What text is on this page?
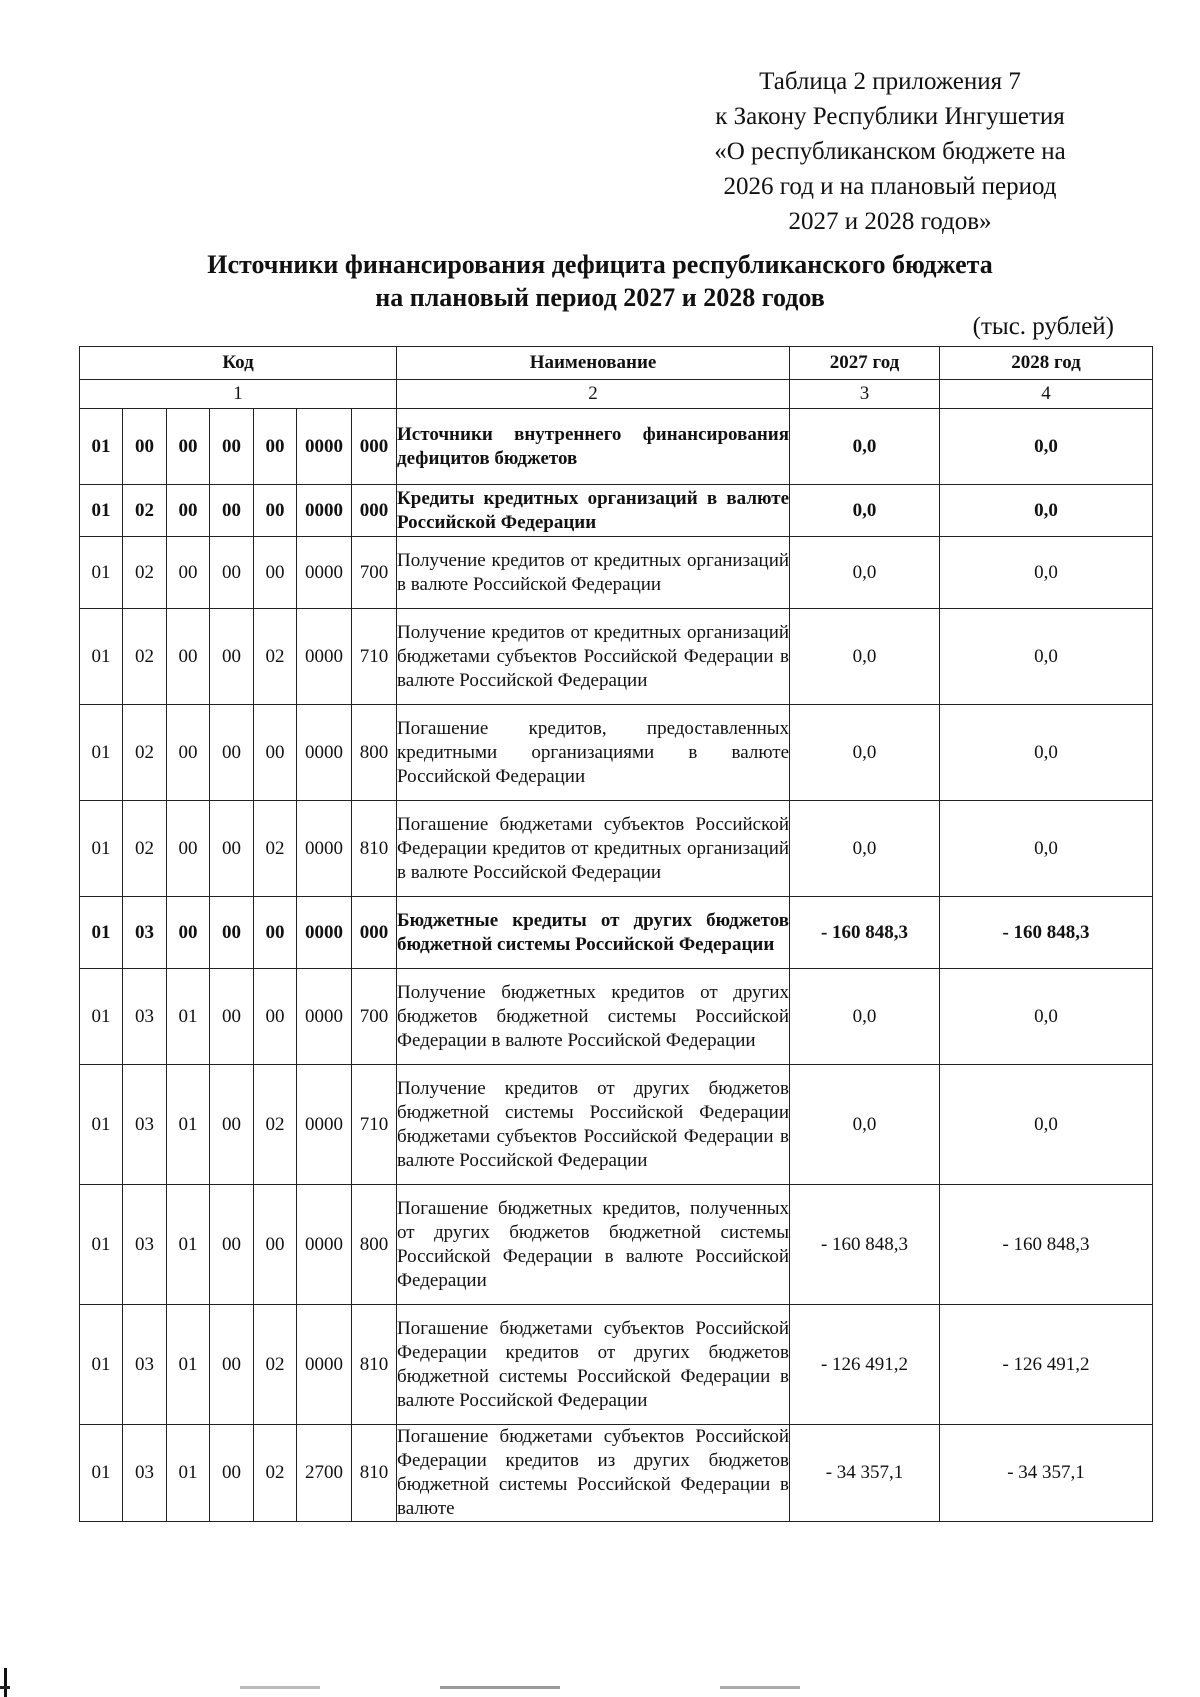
Таблица 2 приложения 7
к Закону Республики Ингушетия
«О республиканском бюджете на
2026 год и на плановый период
2027 и 2028 годов»
Источники финансирования дефицита республиканского бюджета
на плановый период 2027 и 2028 годов
(тыс. рублей)
Код							Наименование	2027 год	2028 год
1							2	3	4
01	00	00	00	00	0000	000	Источники внутреннего финансирования дефицитов бюджетов	0,0	0,0
01	02	00	00	00	0000	000	Кредиты кредитных организаций в валюте Российской Федерации	0,0	0,0
01	02	00	00	00	0000	700	Получение кредитов от кредитных организаций в валюте Российской Федерации	0,0	0,0
01	02	00	00	02	0000	710	Получение кредитов от кредитных организаций бюджетами субъектов Российской Федерации в валюте Российской Федерации	0,0	0,0
01	02	00	00	00	0000	800	Погашение кредитов, предоставленных кредитными организациями в валюте Российской Федерации	0,0	0,0
01	02	00	00	02	0000	810	Погашение бюджетами субъектов Российской Федерации кредитов от кредитных организаций в валюте Российской Федерации	0,0	0,0
01	03	00	00	00	0000	000	Бюджетные кредиты от других бюджетов бюджетной системы Российской Федерации	- 160 848,3	- 160 848,3
01	03	01	00	00	0000	700	Получение бюджетных кредитов от других бюджетов бюджетной системы Российской Федерации в валюте Российской Федерации	0,0	0,0
01	03	01	00	02	0000	710	Получение кредитов от других бюджетов бюджетной системы Российской Федерации бюджетами субъектов Российской Федерации в валюте Российской Федерации	0,0	0,0
01	03	01	00	00	0000	800	Погашение бюджетных кредитов, полученных от других бюджетов бюджетной системы Российской Федерации в валюте Российской Федерации	- 160 848,3	- 160 848,3
01	03	01	00	02	0000	810	Погашение бюджетами субъектов Российской Федерации кредитов от других бюджетов бюджетной системы Российской Федерации в валюте Российской Федерации	- 126 491,2	- 126 491,2
01	03	01	00	02	2700	810	Погашение бюджетами субъектов Российской Федерации кредитов из других бюджетов бюджетной системы Российской Федерации в валюте	- 34 357,1	- 34 357,1
